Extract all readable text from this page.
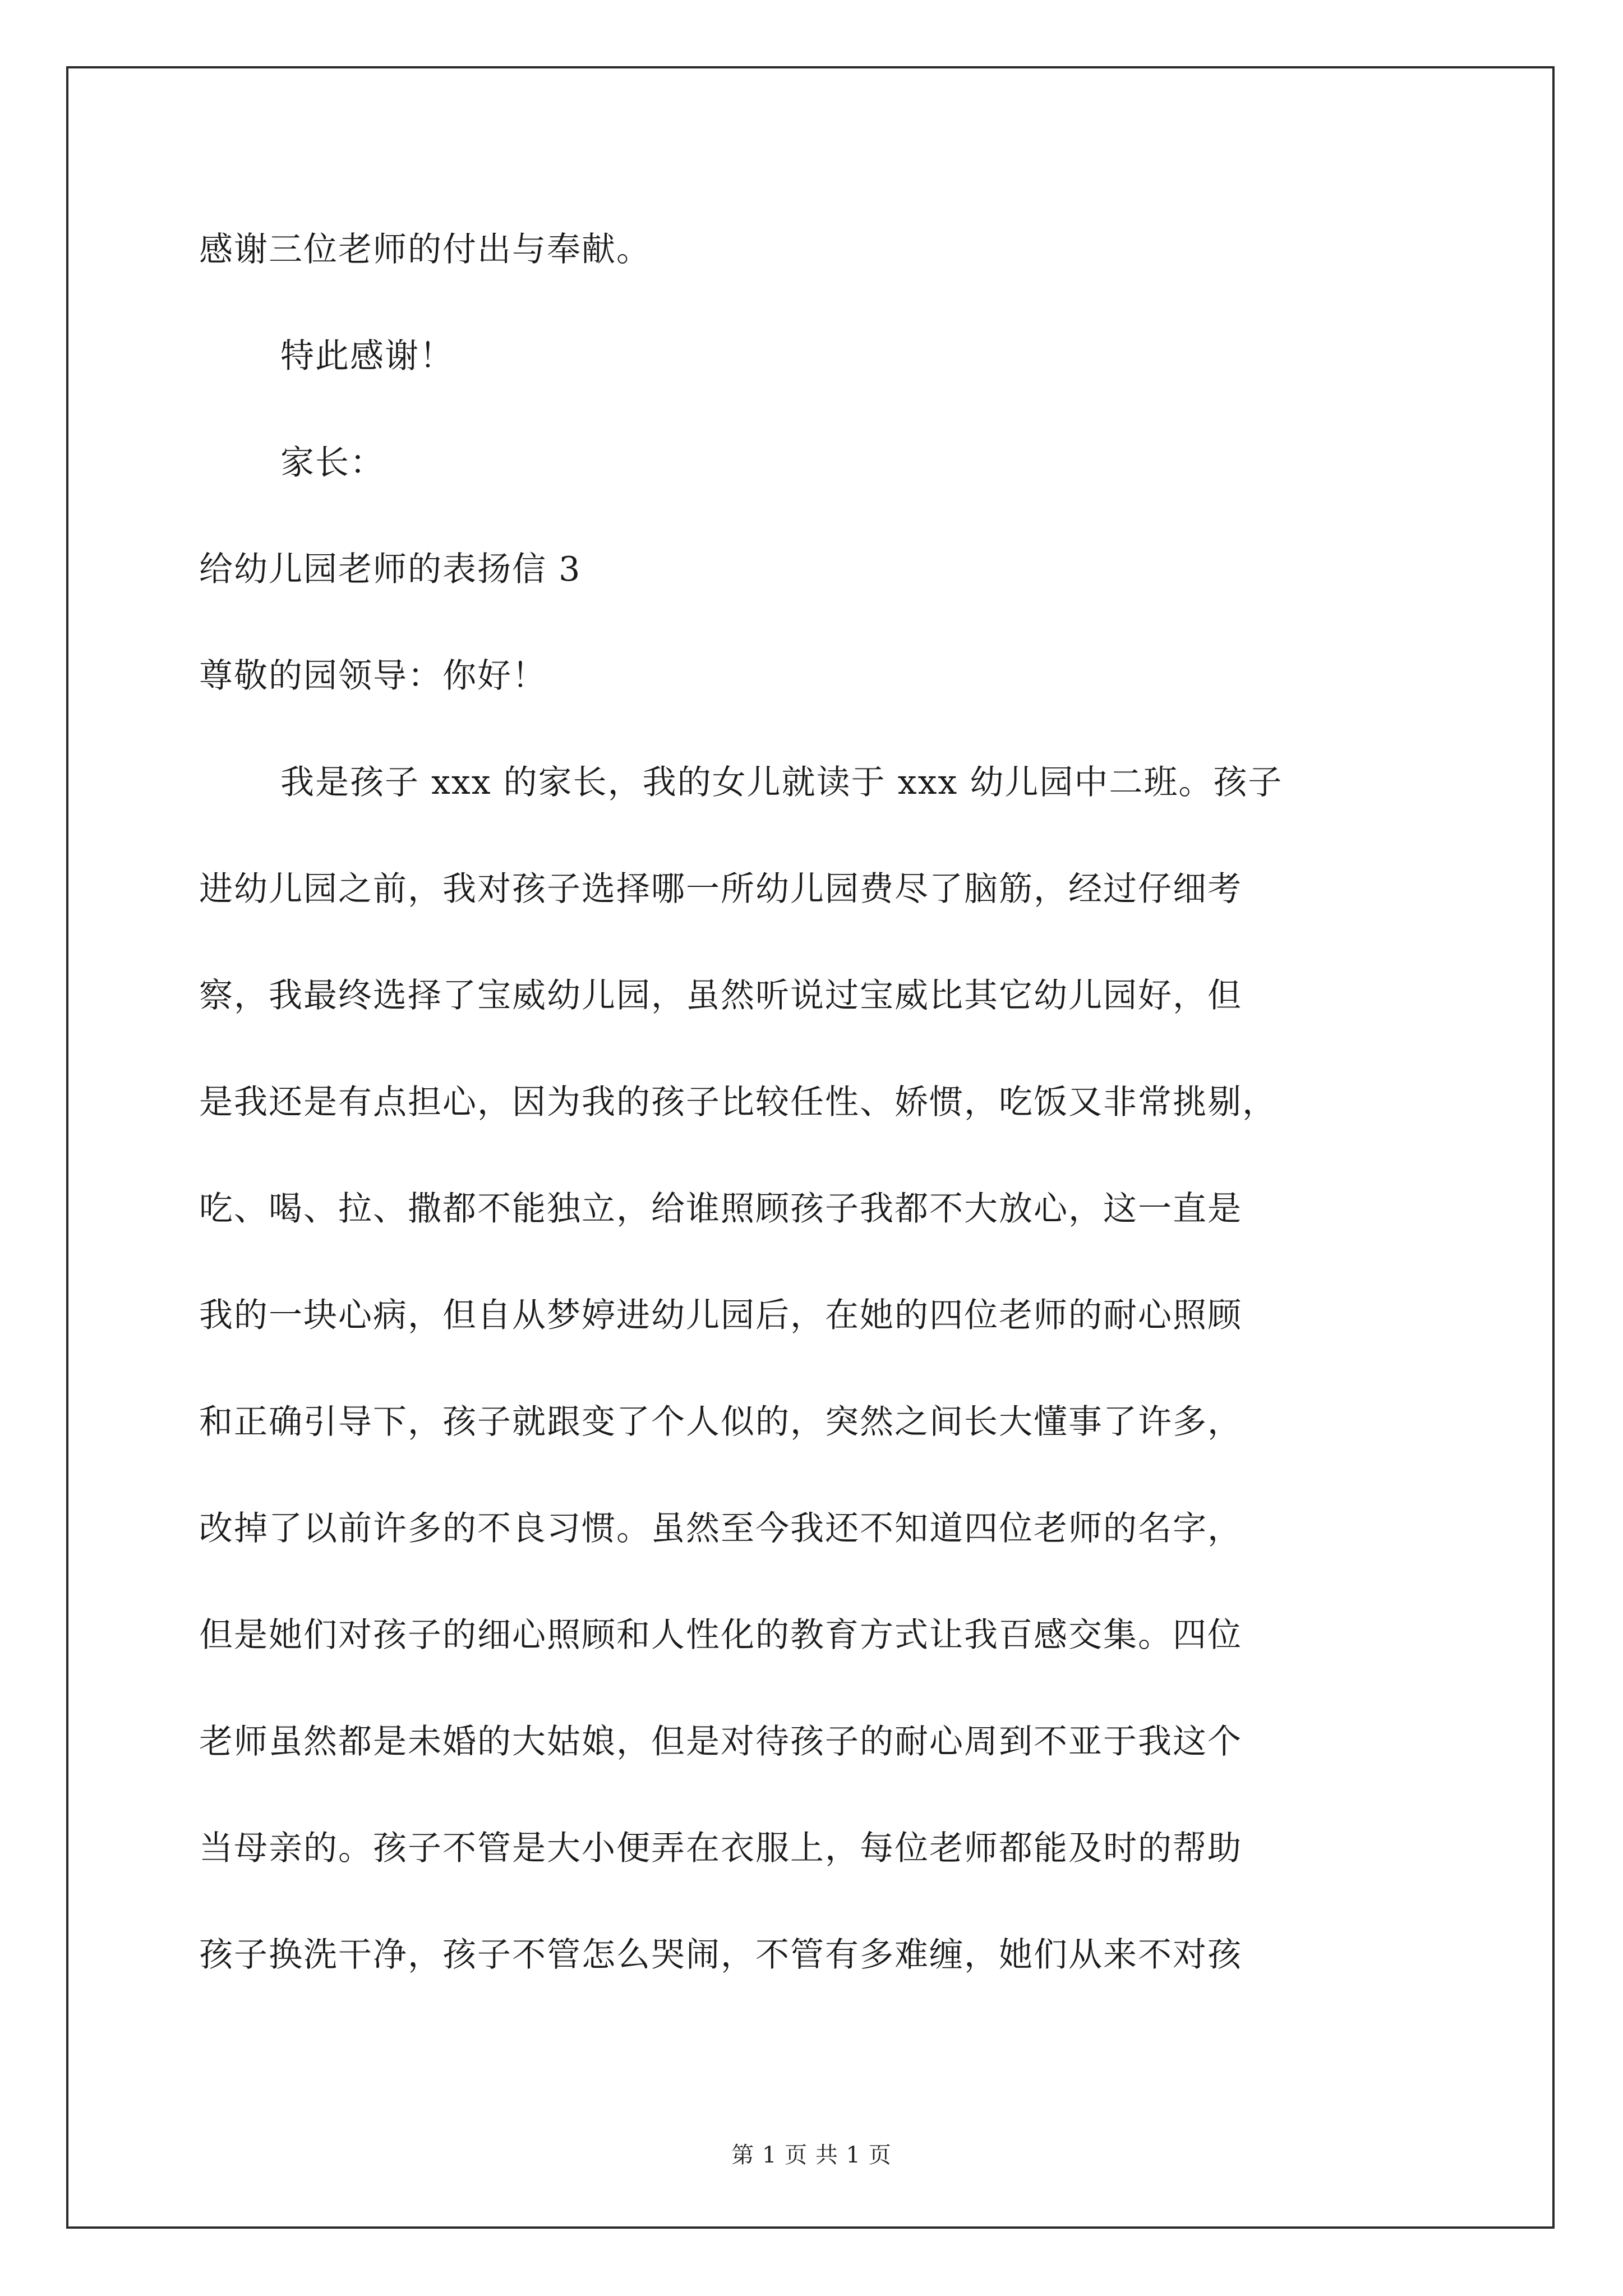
感谢三位老师的付出与奉献。
特此感谢！
家长：
给幼儿园老师的表扬信 3
尊敬的园领导：你好！
我是孩子 xxx 的家长，我的女儿就读于 xxx 幼儿园中二班。孩子
进幼儿园之前，我对孩子选择哪一所幼儿园费尽了脑筋，经过仔细考
察，我最终选择了宝威幼儿园，虽然听说过宝威比其它幼儿园好，但
是我还是有点担心，因为我的孩子比较任性、娇惯，吃饭又非常挑剔，
吃、喝、拉、撒都不能独立，给谁照顾孩子我都不大放心，这一直是
我的一块心病，但自从梦婷进幼儿园后，在她的四位老师的耐心照顾
和正确引导下，孩子就跟变了个人似的，突然之间长大懂事了许多，
改掉了以前许多的不良习惯。虽然至今我还不知道四位老师的名字，
但是她们对孩子的细心照顾和人性化的教育方式让我百感交集。四位
老师虽然都是未婚的大姑娘，但是对待孩子的耐心周到不亚于我这个
当母亲的。孩子不管是大小便弄在衣服上，每位老师都能及时的帮助
孩子换洗干净，孩子不管怎么哭闹，不管有多难缠，她们从来不对孩
第 1 页 共 1 页
